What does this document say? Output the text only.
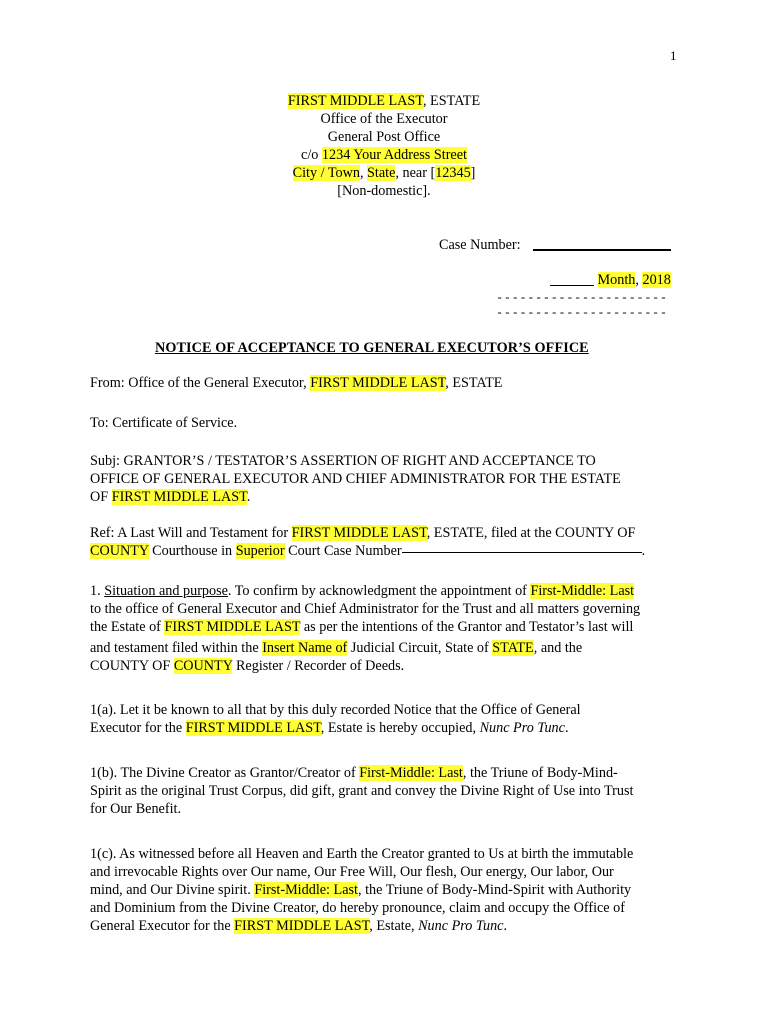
1
FIRST MIDDLE LAST, ESTATE
Office of the Executor
General Post Office
c/o 1234 Your Address Street
City / Town, State, near [12345]
[Non-domestic].
Case Number:
Month, 2018
----------------------
----------------------
NOTICE OF ACCEPTANCE TO GENERAL EXECUTOR’S OFFICE
From: Office of the General Executor, FIRST MIDDLE LAST, ESTATE
To: Certificate of Service.
Subj: GRANTOR’S / TESTATOR’S ASSERTION OF RIGHT AND ACCEPTANCE TO
OFFICE OF GENERAL EXECUTOR AND CHIEF ADMINISTRATOR FOR THE ESTATE
OF FIRST MIDDLE LAST.
Ref: A Last Will and Testament for FIRST MIDDLE LAST, ESTATE, filed at the COUNTY OF
COUNTY Courthouse in Superior Court Case Number	.
1. Situation and purpose. To confirm by acknowledgment the appointment of First-Middle: Last
to the office of General Executor and Chief Administrator for the Trust and all matters governing
the Estate of FIRST MIDDLE LAST as per the intentions of the Grantor and Testator’s last will
and testament filed within the Insert Name of Judicial Circuit, State of STATE, and the
COUNTY OF COUNTY Register / Recorder of Deeds.
1(a). Let it be known to all that by this duly recorded Notice that the Office of General
Executor for the FIRST MIDDLE LAST, Estate is hereby occupied, Nunc Pro Tunc.
1(b). The Divine Creator as Grantor/Creator of First-Middle: Last, the Triune of Body-Mind-
Spirit as the original Trust Corpus, did gift, grant and convey the Divine Right of Use into Trust
for Our Benefit.
1(c). As witnessed before all Heaven and Earth the Creator granted to Us at birth the immutable
and irrevocable Rights over Our name, Our Free Will, Our flesh, Our energy, Our labor, Our
mind, and Our Divine spirit. First-Middle: Last, the Triune of Body-Mind-Spirit with Authority
and Dominium from the Divine Creator, do hereby pronounce, claim and occupy the Office of
General Executor for the FIRST MIDDLE LAST, Estate, Nunc Pro Tunc.
